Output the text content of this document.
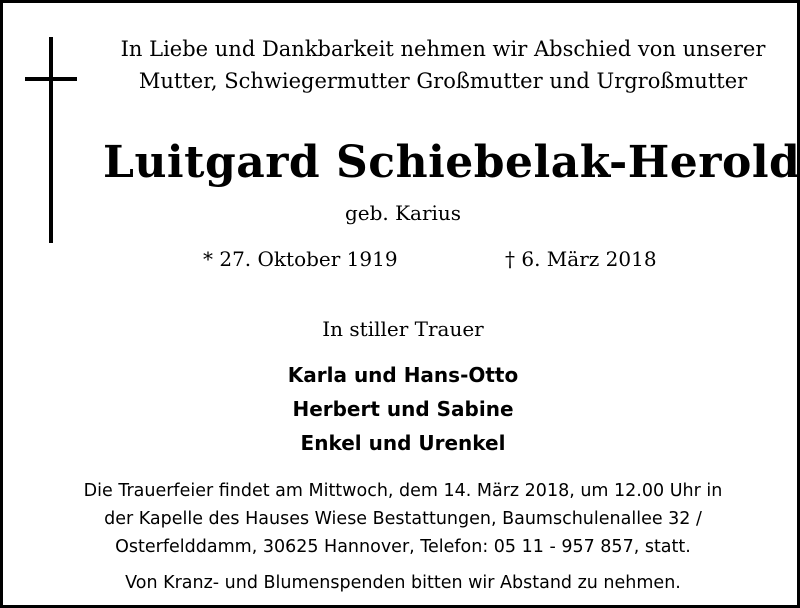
In Liebe und Dankbarkeit nehmen wir Abschied von unserer
Mutter, Schwiegermutter Großmutter und Urgroßmutter
Luitgard Schiebelak-Herold
geb. Karius
* 27. Oktober 1919	† 6. März 2018
In stiller Trauer
Karla und Hans-Otto
Herbert und Sabine
Enkel und Urenkel
Die Trauerfeier findet am Mittwoch, dem 14. März 2018, um 12.00 Uhr in
der Kapelle des Hauses Wiese Bestattungen, Baumschulenallee 32 /
Osterfelddamm, 30625 Hannover, Telefon: 05 11 - 957 857, statt.
Von Kranz- und Blumenspenden bitten wir Abstand zu nehmen.
